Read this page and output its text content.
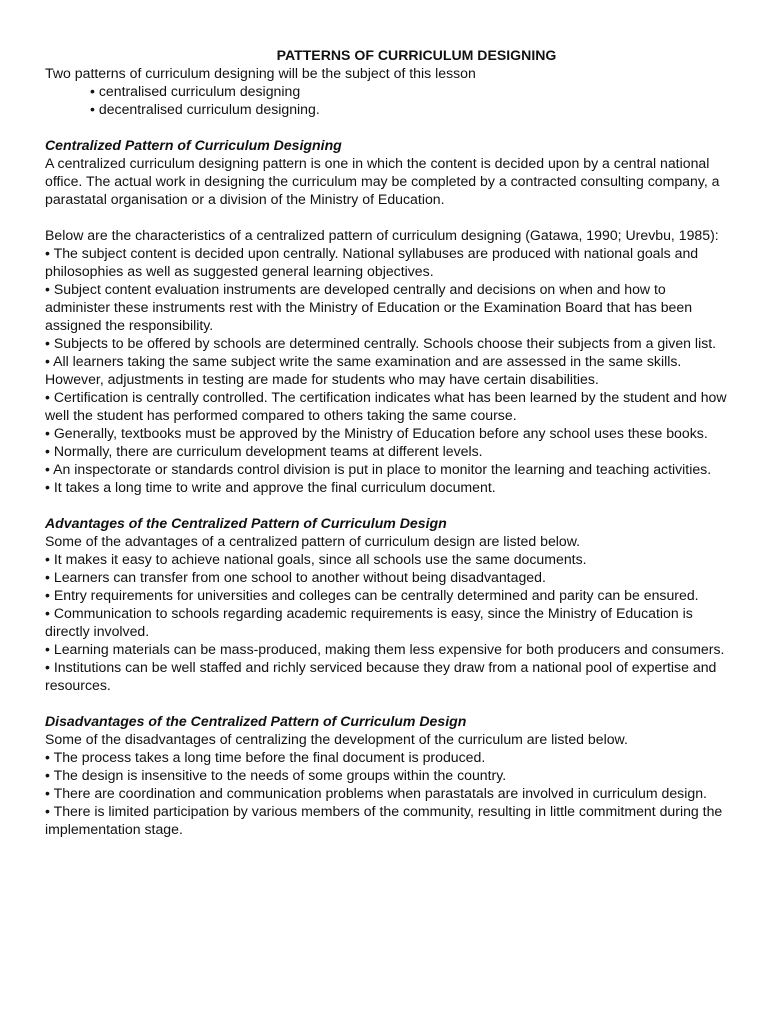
PATTERNS OF CURRICULUM DESIGNING

Two patterns of curriculum designing will be the subject of this lesson

• centralised curriculum designing

• decentralised curriculum designing.

Centralized Pattern of Curriculum Designing

A centralized curriculum designing pattern is one in which the content is decided upon by a central national office. The actual work in designing the curriculum may be completed by a contracted consulting company, a parastatal organisation or a division of the Ministry of Education.

Below are the characteristics of a centralized pattern of curriculum designing (Gatawa, 1990; Urevbu, 1985):

• The subject content is decided upon centrally. National syllabuses are produced with national goals and philosophies as well as suggested general learning objectives.

• Subject content evaluation instruments are developed centrally and decisions on when and how to administer these instruments rest with the Ministry of Education or the Examination Board that has been assigned the responsibility.

• Subjects to be offered by schools are determined centrally. Schools choose their subjects from a given list.

• All learners taking the same subject write the same examination and are assessed in the same skills. However, adjustments in testing are made for students who may have certain disabilities.

• Certification is centrally controlled. The certification indicates what has been learned by the student and how well the student has performed compared to others taking the same course.

• Generally, textbooks must be approved by the Ministry of Education before any school uses these books.

• Normally, there are curriculum development teams at different levels.

• An inspectorate or standards control division is put in place to monitor the learning and teaching activities.

• It takes a long time to write and approve the final curriculum document.

Advantages of the Centralized Pattern of Curriculum Design

Some of the advantages of a centralized pattern of curriculum design are listed below.

• It makes it easy to achieve national goals, since all schools use the same documents.

• Learners can transfer from one school to another without being disadvantaged.

• Entry requirements for universities and colleges can be centrally determined and parity can be ensured.

• Communication to schools regarding academic requirements is easy, since the Ministry of Education is

directly involved.

• Learning materials can be mass-produced, making them less expensive for both producers and consumers.

• Institutions can be well staffed and richly serviced because they draw from a national pool of expertise and resources.

Disadvantages of the Centralized Pattern of Curriculum Design

Some of the disadvantages of centralizing the development of the curriculum are listed below.

• The process takes a long time before the final document is produced.

• The design is insensitive to the needs of some groups within the country.

• There are coordination and communication problems when parastatals are involved in curriculum design.

• There is limited participation by various members of the community, resulting in little commitment during the implementation stage.
